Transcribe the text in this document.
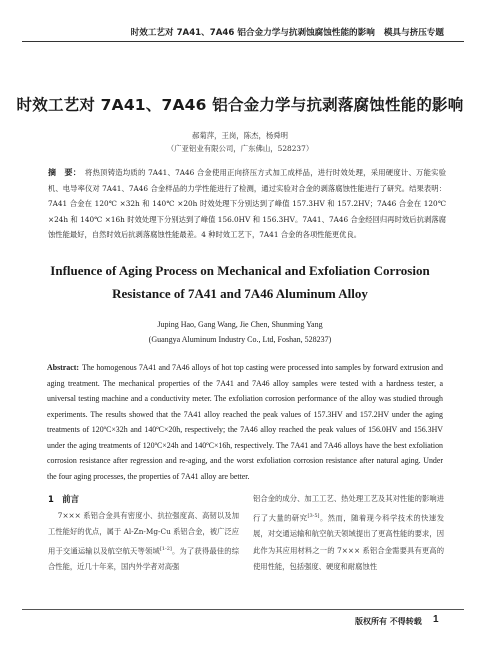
时效工艺对 7A41、7A46 铝合金力学与抗剥蚀腐蚀性能的影响 模具与挤压专题
时效工艺对 7A41、7A46 铝合金力学与抗剥落腐蚀性能的影响
郝菊萍，王岗，陈杰，杨舜明
（广亚铝业有限公司，广东佛山，528237）
摘　要： 将热顶铸造均质的 7A41、7A46 合金使用正向挤压方式加工成样品，进行时效处理，采用硬度计、万能实验机、电导率仪对 7A41、7A46 合金样品的力学性能进行了检测，通过实验对合金的剥落腐蚀性能进行了研究。结果表明：7A41 合金在 120℃ ×32h 和 140℃ ×20h 时效处理下分别达到了峰值 157.3HV 和 157.2HV；7A46 合金在 120℃ ×24h 和 140℃ ×16h 时效处理下分别达到了峰值 156.0HV 和 156.3HV。7A41、7A46 合金经回归再时效后抗剥落腐蚀性能最好，自然时效后抗剥落腐蚀性能最差。4 种时效工艺下，7A41 合金的各项性能更优良。
Influence of Aging Process on Mechanical and Exfoliation Corrosion Resistance of 7A41 and 7A46 Aluminum Alloy
Juping Hao, Gang Wang, Jie Chen, Shunming Yang
(Guangya Aluminum Industry Co., Ltd, Foshan, 528237)
Abstract: The homogenous 7A41 and 7A46 alloys of hot top casting were processed into samples by forward extrusion and aging treatment. The mechanical properties of the 7A41 and 7A46 alloy samples were tested with a hardness tester, a universal testing machine and a conductivity meter. The exfoliation corrosion performance of the alloy was studied through experiments. The results showed that the 7A41 alloy reached the peak values of 157.3HV and 157.2HV under the aging treatments of 120ºC×32h and 140ºC×20h, respectively; the 7A46 alloy reached the peak values of 156.0HV and 156.3HV under the aging treatments of 120ºC×24h and 140ºC×16h, respectively. The 7A41 and 7A46 alloys have the best exfoliation corrosion resistance after regression and re-aging, and the worst exfoliation corrosion resistance after natural aging. Under the four aging processes, the properties of 7A41 alloy are better.
1　前言
7××× 系铝合金具有密度小、抗拉强度高、高韧以及加工性能好的优点，属于 Al-Zn-Mg-Cu 系铝合金，被广泛应用于交通运输以及航空航天等领域[1-2]。为了获得最佳的综合性能，近几十年来，国内外学者对高强
铝合金的成分、加工工艺、热处理工艺及其对性能的影响进行了大量的研究[3-5]。然而，随着现今科学技术的快速发展，对交通运输和航空航天领域提出了更高性能的要求，因此作为其应用材料之一的 7××× 系铝合金需要具有更高的使用性能，包括强度、硬度和耐腐蚀性
版权所有 不得转载 1
